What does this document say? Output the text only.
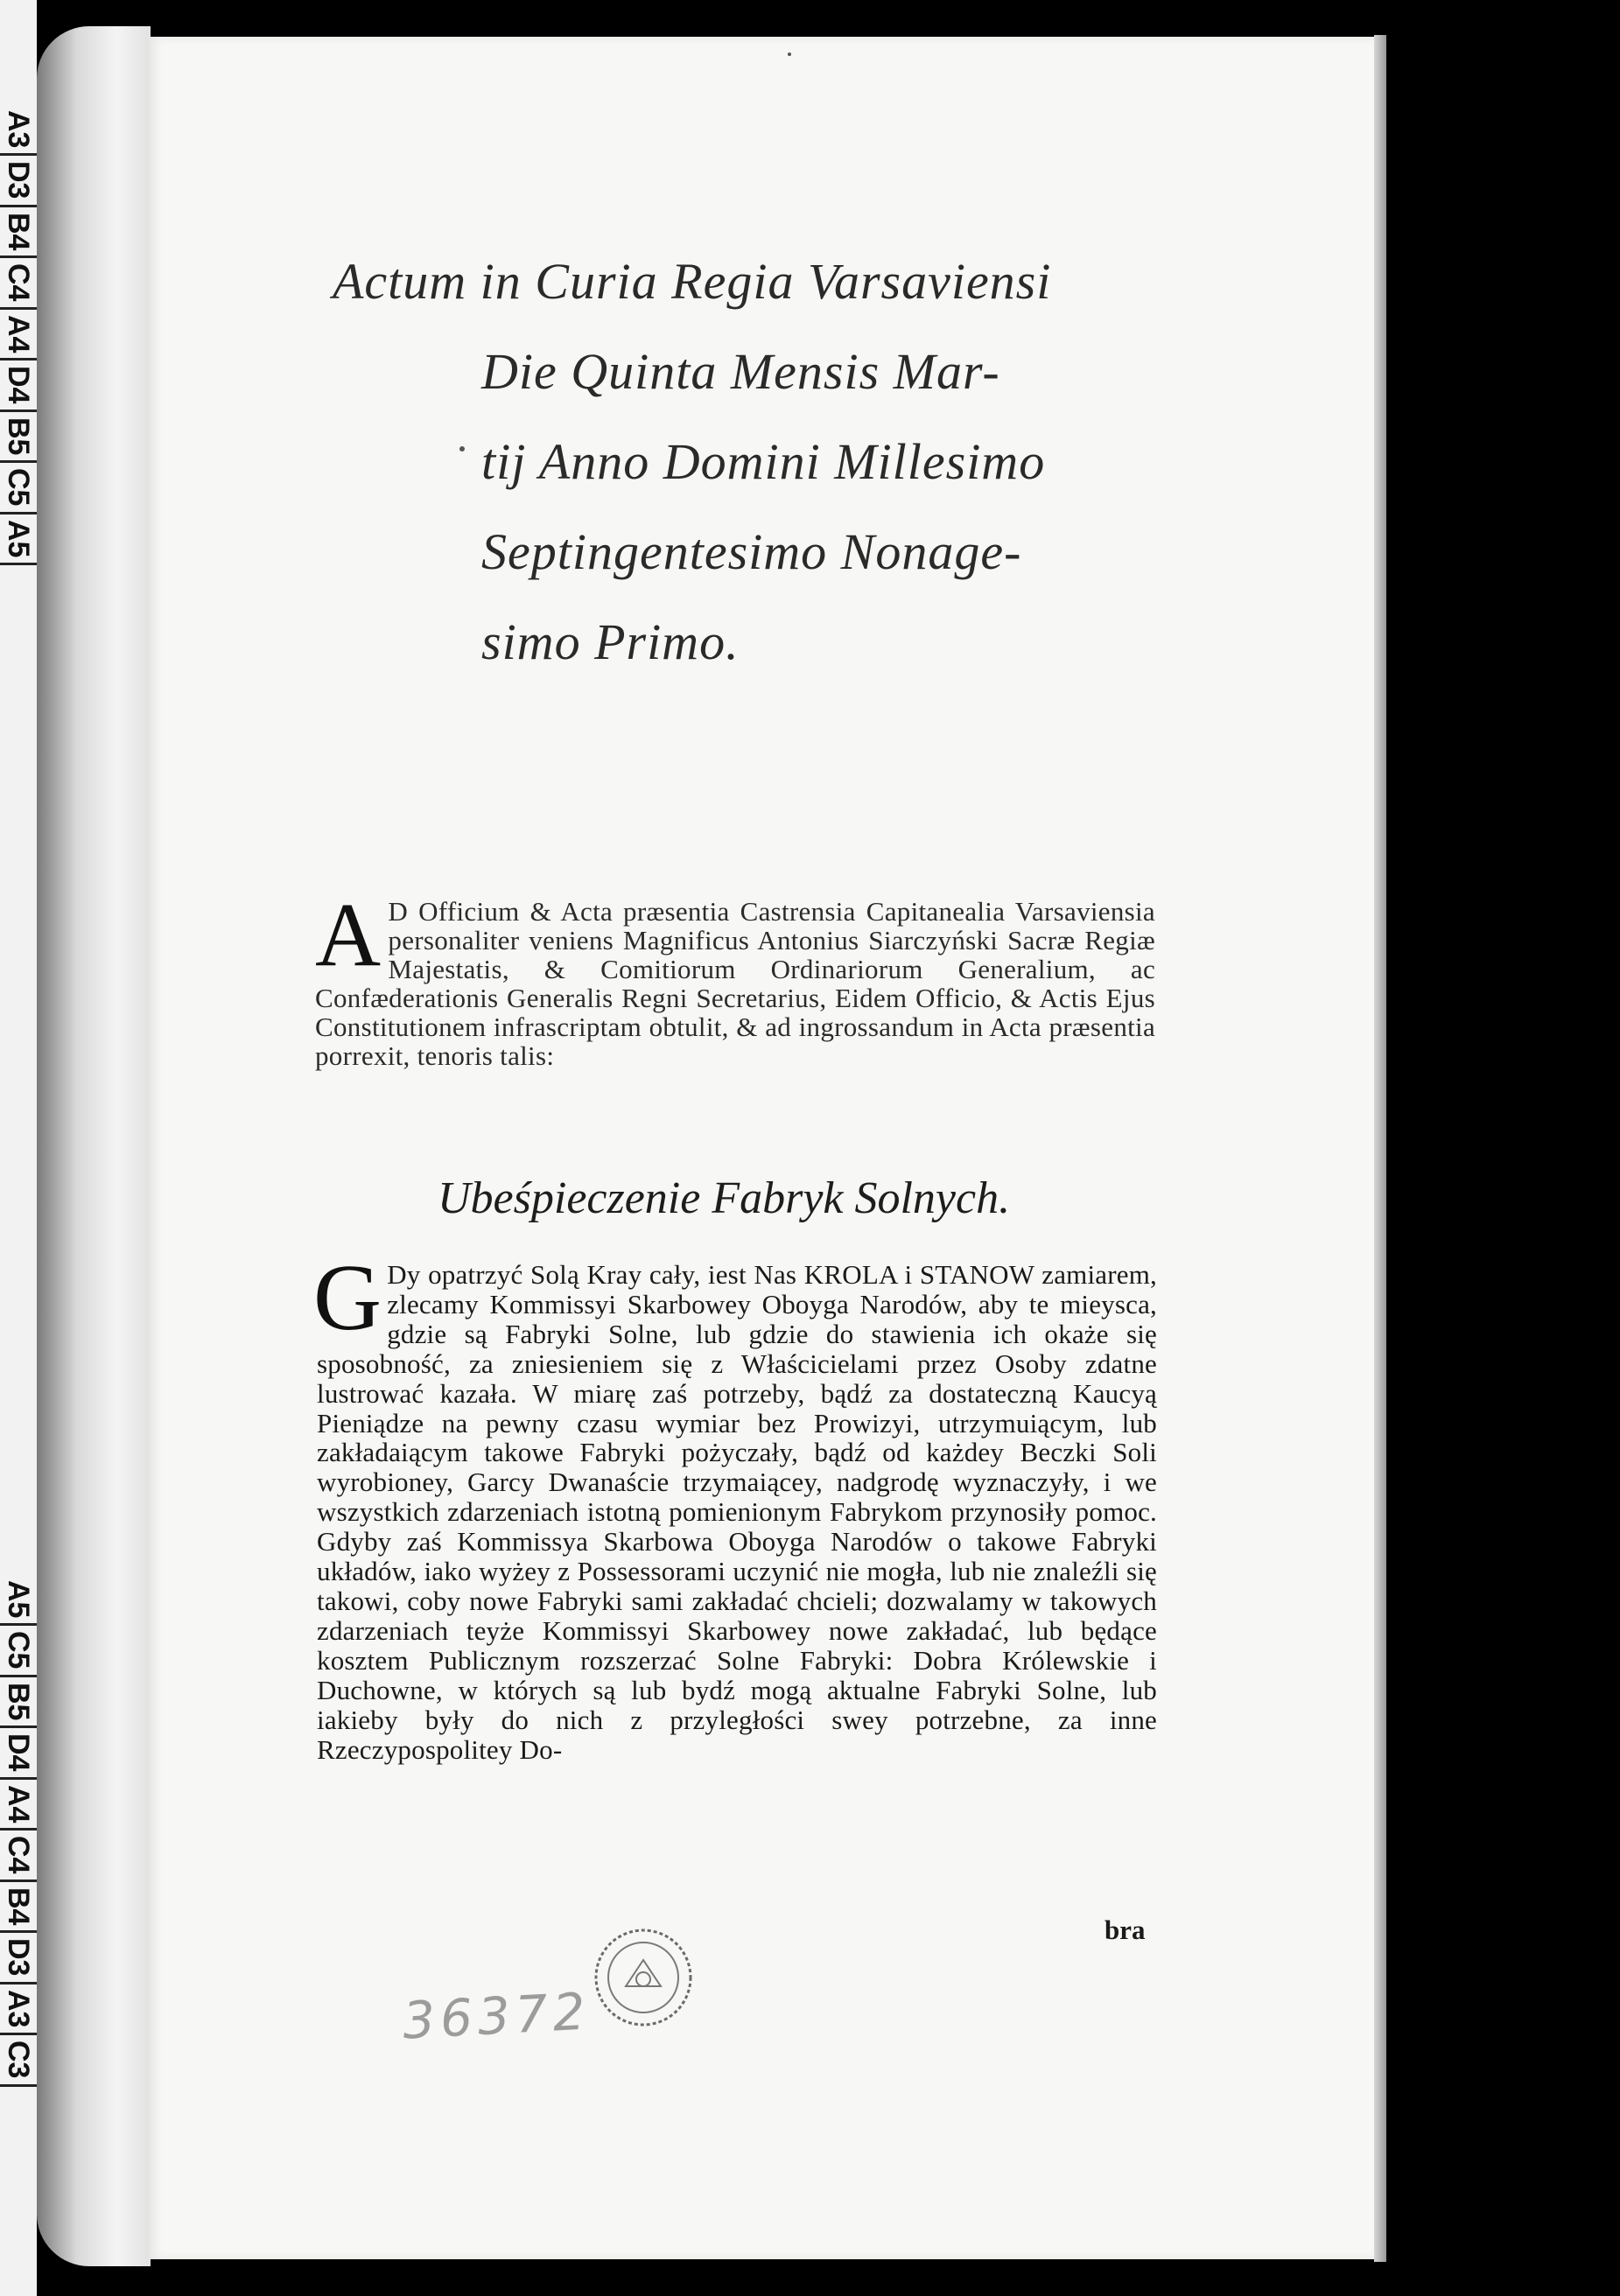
A3
D3
B4
C4
A4
D4
B5
C5
A5
A5
C5
B5
D4
A4
C4
B4
D3
A3
C3
Actum in Curia Regia Varsaviensi
Die Quinta Mensis Mar-
tij Anno Domini Millesimo
Septingentesimo Nonage-
simo Primo.
A D Officium & Acta præsentia Castrensia Capitanealia Varsaviensia personaliter veniens Magnificus Antonius Siarczyński Sacræ Regiæ Majestatis, & Comitiorum Ordinariorum Generalium, ac Confæderationis Generalis Regni Secretarius, Eidem Officio, & Actis Ejus Constitutionem infrascriptam obtulit, & ad ingrossandum in Acta præsentia porrexit, tenoris talis:
Ubeśpieczenie Fabryk Solnych.
G Dy opatrzyć Solą Kray cały, iest Nas KROLA i STANOW zamiarem, zlecamy Kommissyi Skarbowey Oboyga Narodów, aby te mieysca, gdzie są Fabryki Solne, lub gdzie do stawienia ich okaże się sposobność, za zniesieniem się z Właścicielami przez Osoby zdatne lustrować kazała. W miarę zaś potrzeby, bądź za dostateczną Kaucyą Pieniądze na pewny czasu wymiar bez Prowizyi, utrzymuiącym, lub zakładaiącym takowe Fabryki pożyczały, bądź od każdey Beczki Soli wyrobioney, Garcy Dwanaście trzymaiącey, nadgrodę wyznaczyły, i we wszystkich zdarzeniach istotną pomienionym Fabrykom przynosiły pomoc. Gdyby zaś Kommissya Skarbowa Oboyga Narodów o takowe Fabryki układów, iako wyżey z Possessorami uczynić nie mogła, lub nie znaleźli się takowi, coby nowe Fabryki sami zakładać chcieli; dozwalamy w takowych zdarzeniach teyże Kommissyi Skarbowey nowe zakładać, lub będące kosztem Publicznym rozszerzać Solne Fabryki: Dobra Królewskie i Duchowne, w których są lub bydź mogą aktualne Fabryki Solne, lub iakieby były do nich z przyległości swey potrzebne, za inne Rzeczypospolitey Do-
bra
36372
